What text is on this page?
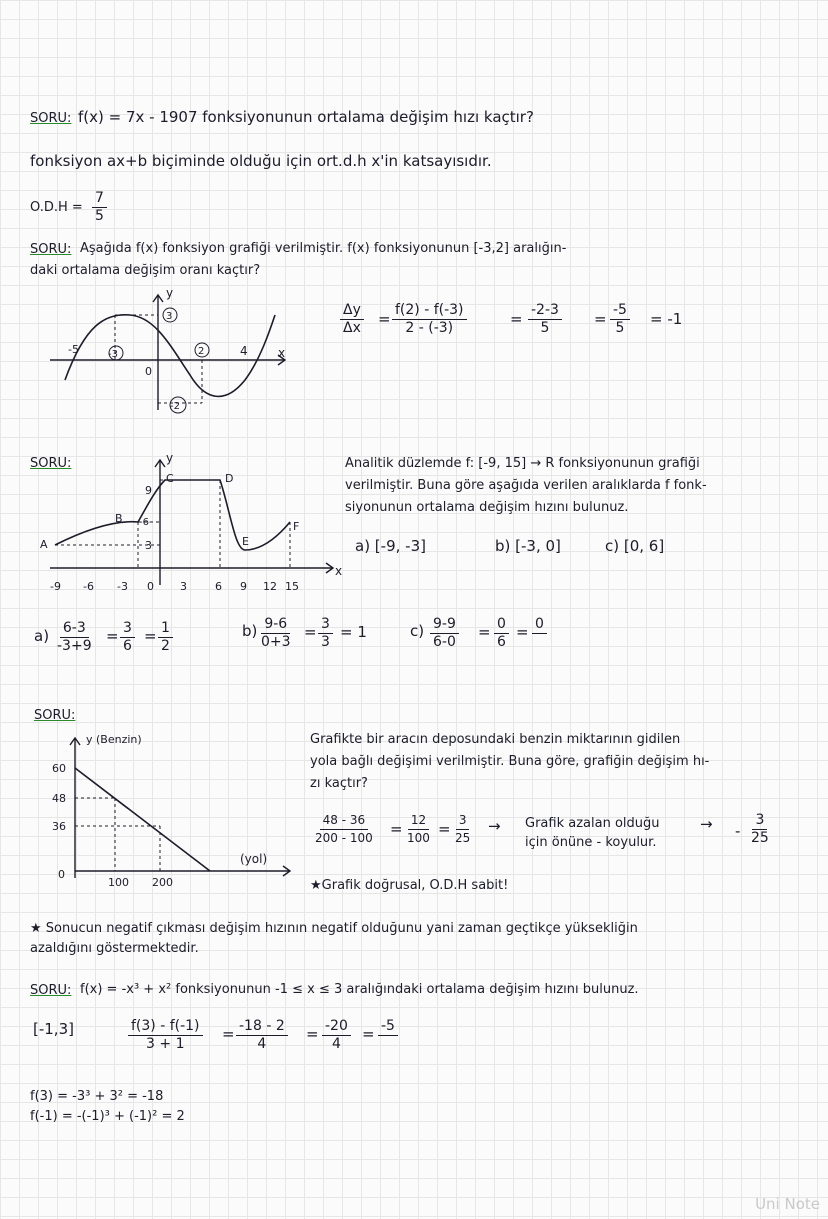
SORU: f(x) = 7x - 1907 fonksiyonunun ortalama değişim hızı kaçtır?
fonksiyon ax+b biçiminde olduğu için ort.d.h x'in katsayısıdır.
$O.D.H = \frac{7}{5}$
SORU: Aşağıda f(x) fonksiyon grafiği verilmiştir. f(x) fonksiyonunun [-3,2] aralığın-
daki ortalama değişim oranı kaçtır?
y
x
-5	-3
3
2	4
-2
0
$\frac{\Delta y}{\Delta x} = \frac{f(2) - f(-3)}{2 - (-3)}$	= $\frac{-2-3}{5} = \frac{-5}{5} = -1$
SORU:	Analitik düzlemde f: [-9, 15] → R fonksiyonunun grafiği
verilmiştir. Buna göre aşağıda verilen aralıklarda f fonk-
siyonunun ortalama değişim hızını bulunuz.
a) [-9, -3]	b) [-3, 0]	c) [0, 6]
y
x
C	D
B
A	E
F
9
-6-
3
-9 -6 -3 0 3	6 9 12 15
$a) \frac{6-3}{-3+9} = \frac{3}{6} = \frac{1}{2}$	$b) \frac{9-6}{0+3} = \frac{3}{3} = 1$	$c) \frac{9-9}{6-0} = \frac{0}{6} = 0$

SORU:
y (Benzin)
(yol)
60
48
36
0
100 200
Grafikte bir aracın deposundaki benzin miktarının gidilen
yola bağlı değişimi verilmiştir. Buna göre, grafiğin değişim hı-
zı kaçtır?
$\frac{48 - 36}{200 - 100} = \frac{12}{100} = \frac{3}{25}$ → Grafik azalan olduğu
için önüne - koyulur.
→ - $\frac{3}{25}$
★Grafik doğrusal, O.D.H sabit!
★ Sonucun negatif çıkması değişim hızının negatif olduğunu yani zaman geçtikçe yüksekliğin
azaldığını göstermektedir.
SORU: f(x) = -x³ + x² fonksiyonunun -1 ≤ x ≤ 3 aralığındaki ortalama değişim hızını bulunuz.
[-1,3]	$\frac{f(3) - f(-1)}{3 + 1} = \frac{-18 - 2}{4} = \frac{-20}{4} = -5$

f(3) = -3³ + 3² = -18
f(-1) = -(-1)³ + (-1)² = 2
Uni Note
